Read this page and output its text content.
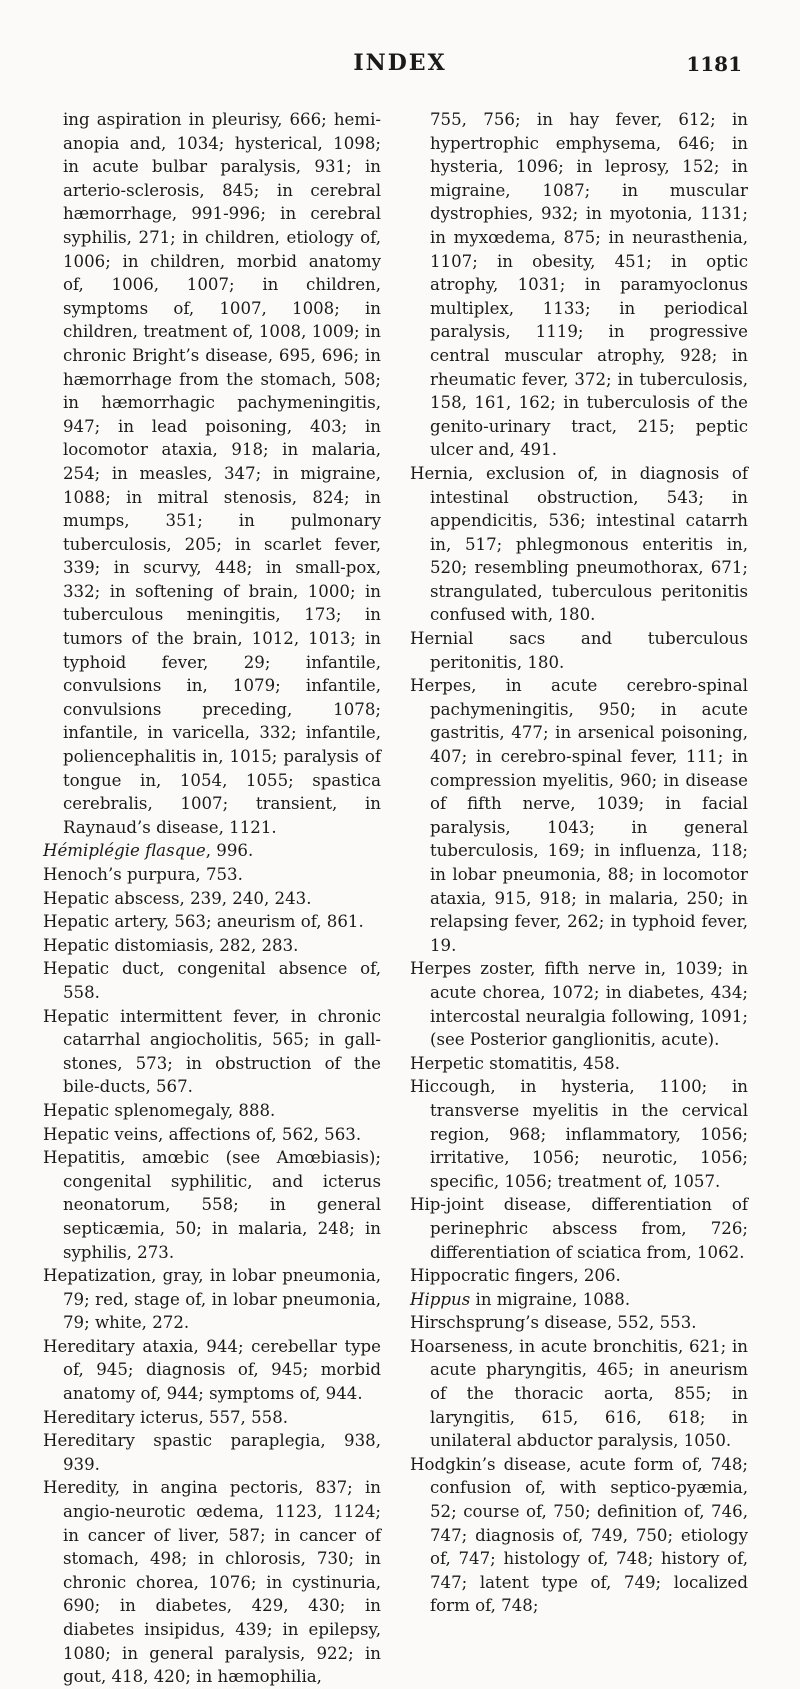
INDEX	1181

ing aspiration in pleurisy, 666; hemi-anopia and, 1034; hysterical, 1098; in acute bulbar paralysis, 931; in arterio-sclerosis, 845; in cerebral hæmorrhage, 991-996; in cerebral syphilis, 271; in children, etiology of, 1006; in children, morbid anatomy of, 1006, 1007; in children, symptoms of, 1007, 1008; in children, treatment of, 1008, 1009; in chronic Bright’s disease, 695, 696; in hæmorrhage from the stomach, 508; in hæmorrhagic pachymeningitis, 947; in lead poisoning, 403; in locomotor ataxia, 918; in malaria, 254; in measles, 347; in migraine, 1088; in mitral stenosis, 824; in mumps, 351; in pulmonary tuberculosis, 205; in scarlet fever, 339; in scurvy, 448; in small-pox, 332; in softening of brain, 1000; in tuberculous meningitis, 173; in tumors of the brain, 1012, 1013; in typhoid fever, 29; infantile, convulsions in, 1079; infantile, convulsions preceding, 1078; infantile, in varicella, 332; infantile, poliencephalitis in, 1015; paralysis of tongue in, 1054, 1055; spastica cerebralis, 1007; transient, in Raynaud’s disease, 1121.

Hémiplégie flasque, 996.

Henoch’s purpura, 753.

Hepatic abscess, 239, 240, 243.

Hepatic artery, 563; aneurism of, 861.

Hepatic distomiasis, 282, 283.

Hepatic duct, congenital absence of, 558.

Hepatic intermittent fever, in chronic catarrhal angiocholitis, 565; in gall-stones, 573; in obstruction of the bile-ducts, 567.

Hepatic splenomegaly, 888.

Hepatic veins, affections of, 562, 563.

Hepatitis, amœbic (see Amœbiasis); congenital syphilitic, and icterus neonatorum, 558; in general septicæmia, 50; in malaria, 248; in syphilis, 273.

Hepatization, gray, in lobar pneumonia, 79; red, stage of, in lobar pneumonia, 79; white, 272.

Hereditary ataxia, 944; cerebellar type of, 945; diagnosis of, 945; morbid anatomy of, 944; symptoms of, 944.

Hereditary icterus, 557, 558.

Hereditary spastic paraplegia, 938, 939.

Heredity, in angina pectoris, 837; in angio-neurotic œdema, 1123, 1124; in cancer of liver, 587; in cancer of stomach, 498; in chlorosis, 730; in chronic chorea, 1076; in cystinuria, 690; in diabetes, 429, 430; in diabetes insipidus, 439; in epilepsy, 1080; in general paralysis, 922; in gout, 418, 420; in hæmophilia,

755, 756; in hay fever, 612; in hypertrophic emphysema, 646; in hysteria, 1096; in leprosy, 152; in migraine, 1087; in muscular dystrophies, 932; in myotonia, 1131; in myxœdema, 875; in neurasthenia, 1107; in obesity, 451; in optic atrophy, 1031; in paramyoclonus multiplex, 1133; in periodical paralysis, 1119; in progressive central muscular atrophy, 928; in rheumatic fever, 372; in tuberculosis, 158, 161, 162; in tuberculosis of the genito-urinary tract, 215; peptic ulcer and, 491.

Hernia, exclusion of, in diagnosis of intestinal obstruction, 543; in appendicitis, 536; intestinal catarrh in, 517; phlegmonous enteritis in, 520; resembling pneumothorax, 671; strangulated, tuberculous peritonitis confused with, 180.

Hernial sacs and tuberculous peritonitis, 180.

Herpes, in acute cerebro-spinal pachymeningitis, 950; in acute gastritis, 477; in arsenical poisoning, 407; in cerebro-spinal fever, 111; in compression myelitis, 960; in disease of fifth nerve, 1039; in facial paralysis, 1043; in general tuberculosis, 169; in influenza, 118; in lobar pneumonia, 88; in locomotor ataxia, 915, 918; in malaria, 250; in relapsing fever, 262; in typhoid fever, 19.

Herpes zoster, fifth nerve in, 1039; in acute chorea, 1072; in diabetes, 434; intercostal neuralgia following, 1091; (see Posterior ganglionitis, acute).

Herpetic stomatitis, 458.

Hiccough, in hysteria, 1100; in transverse myelitis in the cervical region, 968; inflammatory, 1056; irritative, 1056; neurotic, 1056; specific, 1056; treatment of, 1057.

Hip-joint disease, differentiation of perinephric abscess from, 726; differentiation of sciatica from, 1062.

Hippocratic fingers, 206.

Hippus in migraine, 1088.

Hirschsprung’s disease, 552, 553.

Hoarseness, in acute bronchitis, 621; in acute pharyngitis, 465; in aneurism of the thoracic aorta, 855; in laryngitis, 615, 616, 618; in unilateral abductor paralysis, 1050.

Hodgkin’s disease, acute form of, 748; confusion of, with septico-pyæmia, 52; course of, 750; definition of, 746, 747; diagnosis of, 749, 750; etiology of, 747; histology of, 748; history of, 747; latent type of, 749; localized form of, 748;
